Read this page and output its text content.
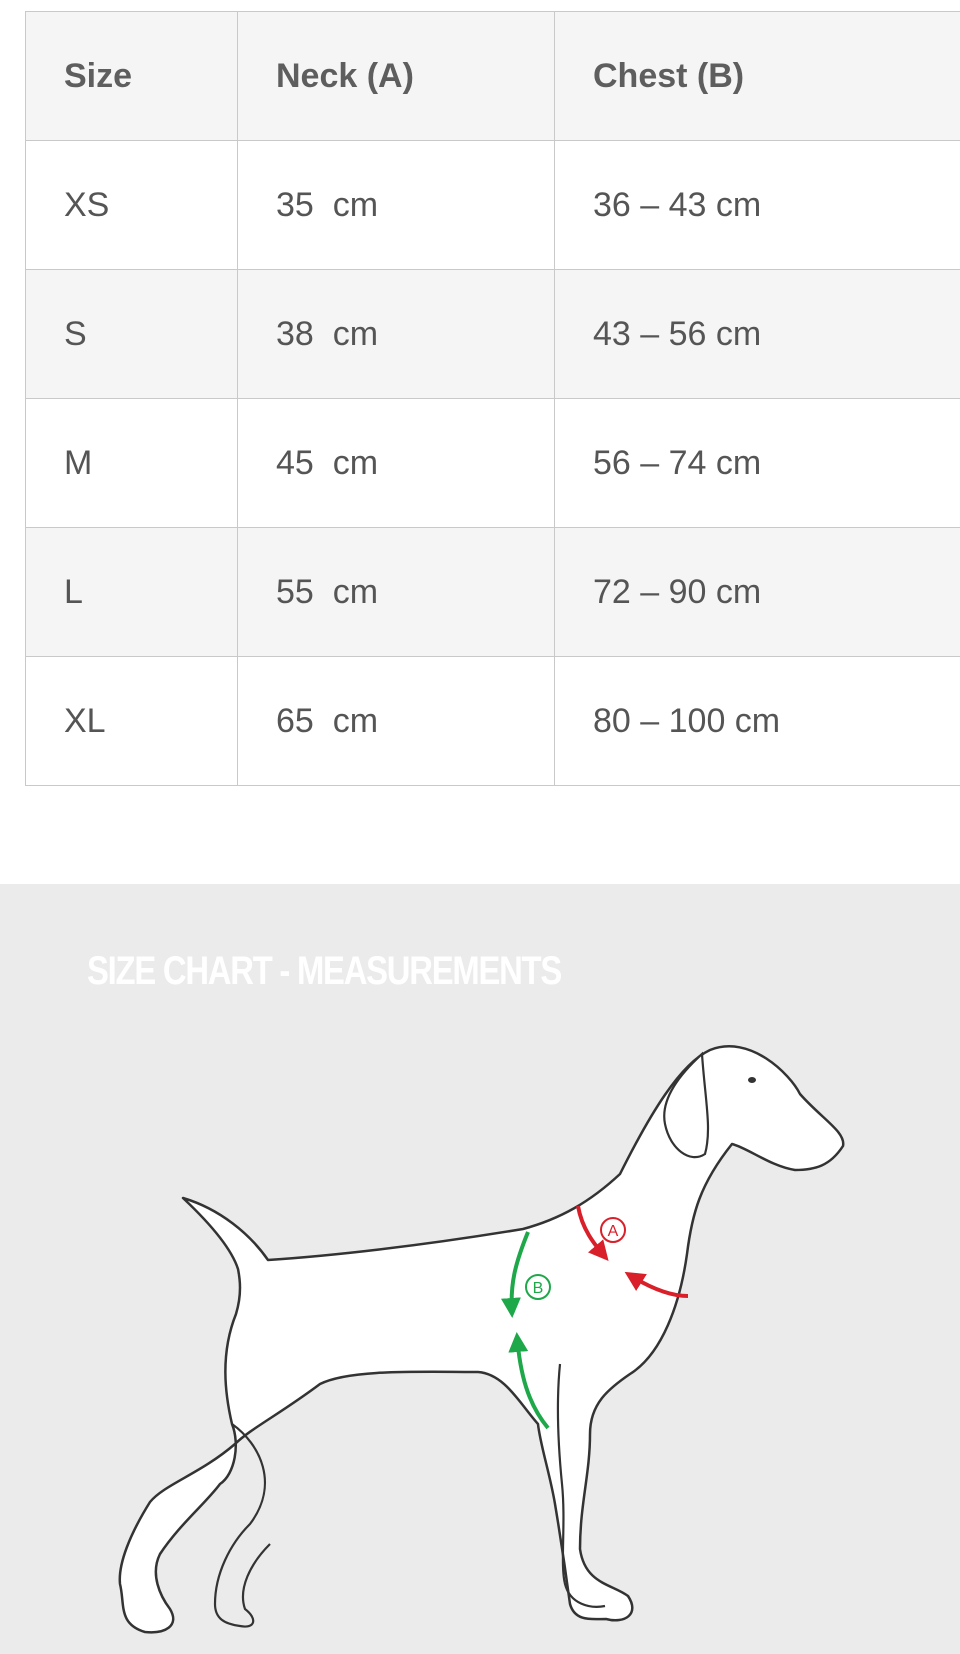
Size	Neck (A)	Chest (B)
XS	35  cm	36 – 43 cm
S	38  cm	43 – 56 cm
M	45  cm	56 – 74 cm
L	55  cm	72 – 90 cm
XL	65  cm	80 – 100 cm
SIZE CHART - MEASUREMENTS
A
B
